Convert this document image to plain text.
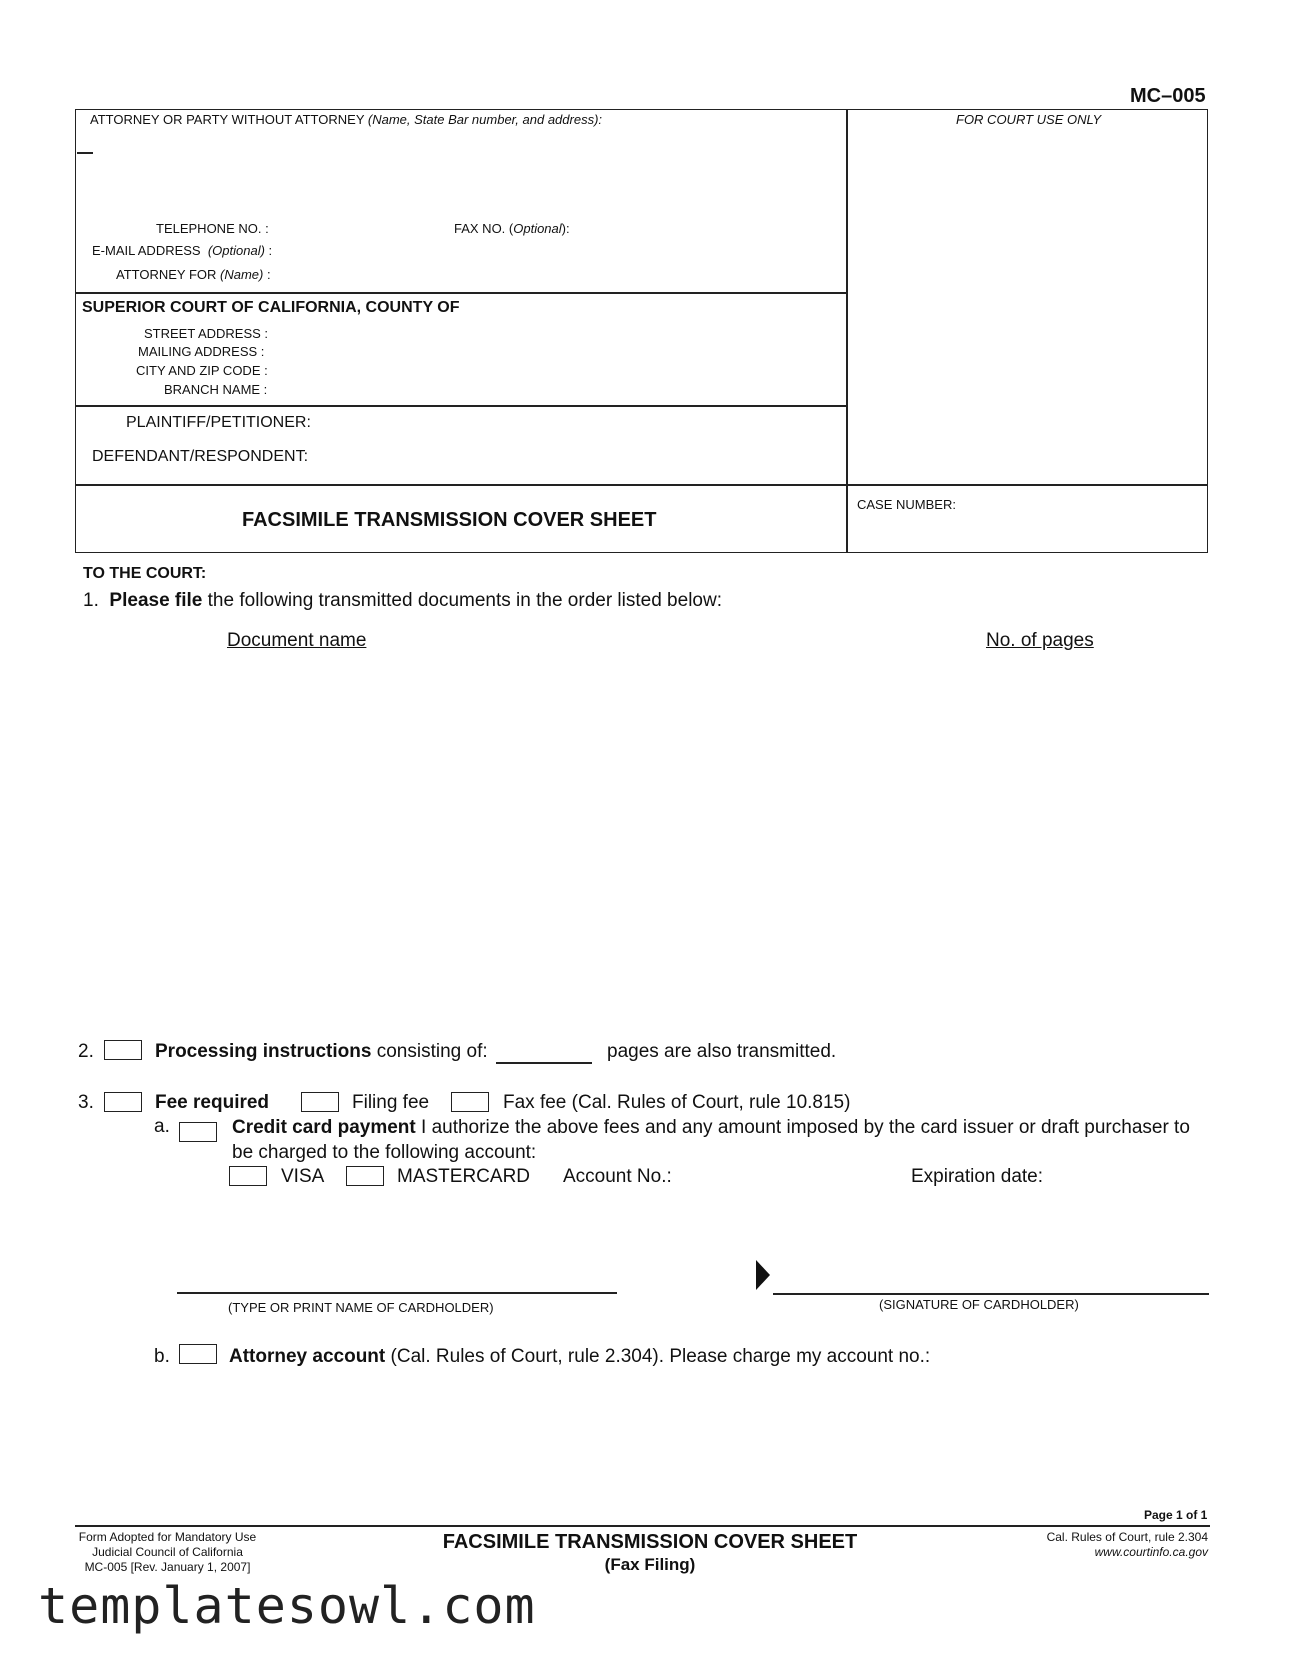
MC–005
ATTORNEY OR PARTY WITHOUT ATTORNEY (Name, State Bar number, and address):	FOR COURT USE ONLY
TELEPHONE NO. :	FAX NO. (Optional):
E-MAIL ADDRESS (Optional) :
ATTORNEY FOR (Name) :
SUPERIOR COURT OF CALIFORNIA, COUNTY OF
STREET ADDRESS :
MAILING ADDRESS :
CITY AND ZIP CODE :
BRANCH NAME :
PLAINTIFF/PETITIONER:
DEFENDANT/RESPONDENT:
FACSIMILE TRANSMISSION COVER SHEET
CASE NUMBER:
TO THE COURT:
1. Please file the following transmitted documents in the order listed below:
Document name	No. of pages
2.	Processing instructions consisting of:	pages are also transmitted.
3.	Fee required	Filing fee	Fax fee (Cal. Rules of Court, rule 10.815)
a.	Credit card payment I authorize the above fees and any amount imposed by the card issuer or draft purchaser to
be charged to the following account:
VISA	MASTERCARD Account No.:	Expiration date:
(TYPE OR PRINT NAME OF CARDHOLDER)	(SIGNATURE OF CARDHOLDER)
b.	Attorney account (Cal. Rules of Court, rule 2.304). Please charge my account no.:
Page 1 of 1
Form Adopted for Mandatory Use
Judicial Council of California
MC-005 [Rev. January 1, 2007]
FACSIMILE TRANSMISSION COVER SHEET
(Fax Filing)
Cal. Rules of Court, rule 2.304
www.courtinfo.ca.gov
templatesowl.com
